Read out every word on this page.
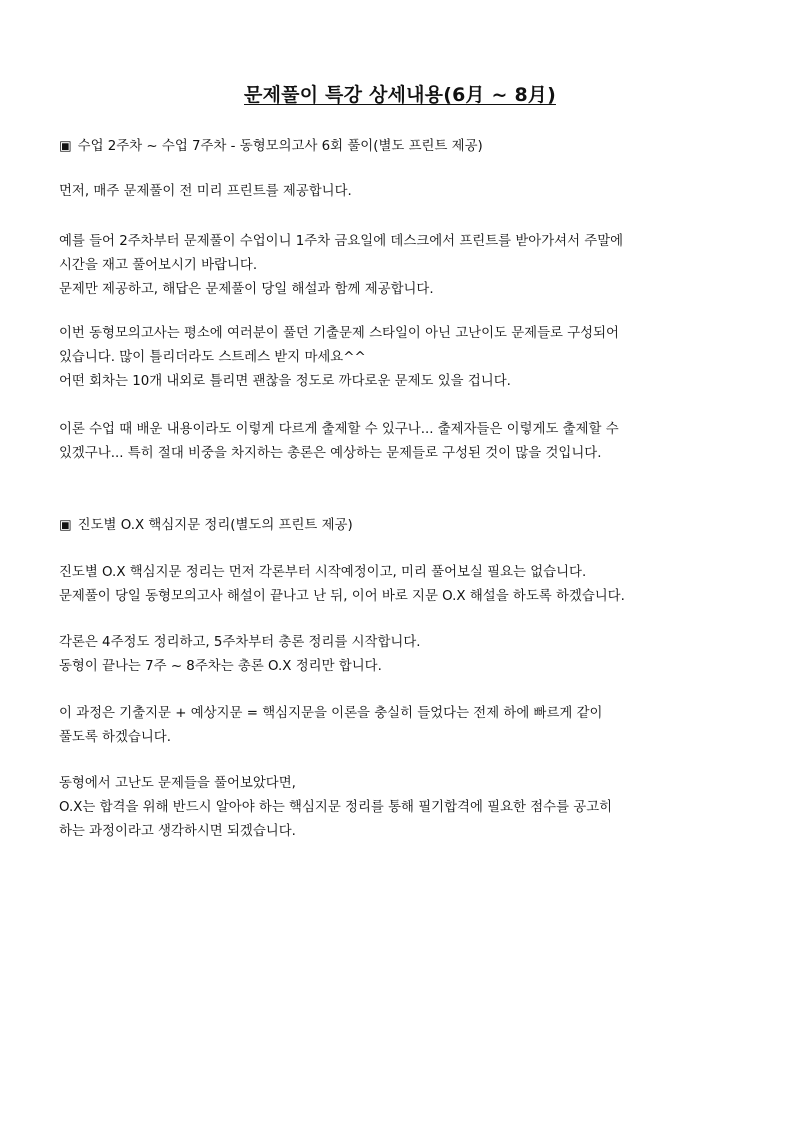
문제풀이 특강 상세내용(6月 ~ 8月)
▣ 수업 2주차 ~ 수업 7주차 - 동형모의고사 6회 풀이(별도 프린트 제공)
먼저, 매주 문제풀이 전 미리 프린트를 제공합니다.
예를 들어 2주차부터 문제풀이 수업이니 1주차 금요일에 데스크에서 프린트를 받아가셔서 주말에
시간을 재고 풀어보시기 바랍니다.
문제만 제공하고, 해답은 문제풀이 당일 해설과 함께 제공합니다.
이번 동형모의고사는 평소에 여러분이 풀던 기출문제 스타일이 아닌 고난이도 문제들로 구성되어
있습니다. 많이 틀리더라도 스트레스 받지 마세요^^
어떤 회차는 10개 내외로 틀리면 괜찮을 정도로 까다로운 문제도 있을 겁니다.
이론 수업 때 배운 내용이라도 이렇게 다르게 출제할 수 있구나... 출제자들은 이렇게도 출제할 수
있겠구나... 특히 절대 비중을 차지하는 총론은 예상하는 문제들로 구성된 것이 많을 것입니다.
▣ 진도별 O.X 핵심지문 정리(별도의 프린트 제공)
진도별 O.X 핵심지문 정리는 먼저 각론부터 시작예정이고, 미리 풀어보실 필요는 없습니다.
문제풀이 당일 동형모의고사 해설이 끝나고 난 뒤, 이어 바로 지문 O.X 해설을 하도록 하겠습니다.
각론은 4주정도 정리하고, 5주차부터 총론 정리를 시작합니다.
동형이 끝나는 7주 ~ 8주차는 총론 O.X 정리만 합니다.
이 과정은 기출지문 + 예상지문 = 핵심지문을 이론을 충실히 들었다는 전제 하에 빠르게 같이
풀도록 하겠습니다.
동형에서 고난도 문제들을 풀어보았다면,
O.X는 합격을 위해 반드시 알아야 하는 핵심지문 정리를 통해 필기합격에 필요한 점수를 공고히
하는 과정이라고 생각하시면 되겠습니다.
